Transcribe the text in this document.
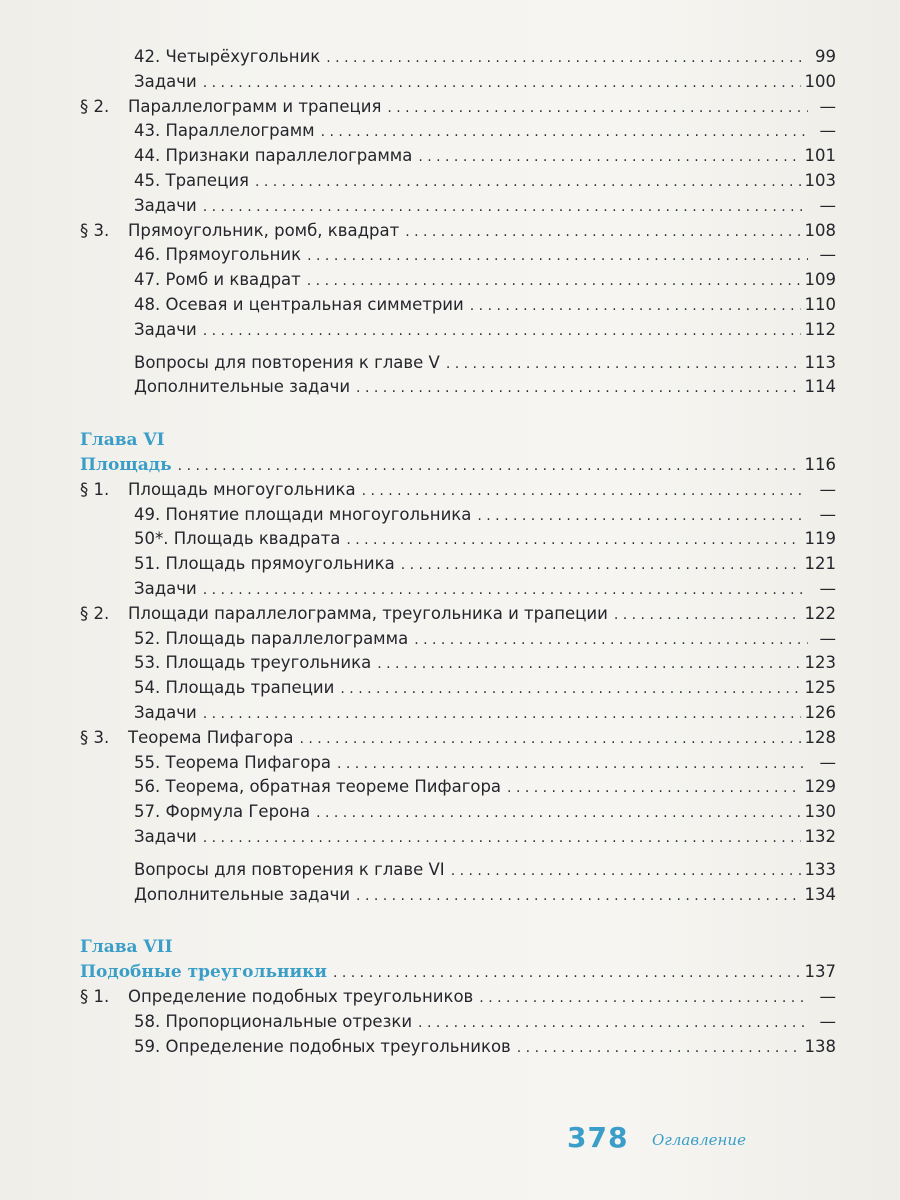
42. Четырёхугольник . . .	99
Задачи . . .	100
§ 2. Параллелограмм и трапеция . . .	—
43. Параллелограмм . . .	—
44. Признаки параллелограмма . . .	101
45. Трапеция . . .	103
Задачи . . .	—
§ 3. Прямоугольник, ромб, квадрат . . .	108
46. Прямоугольник . . .	—
47. Ромб и квадрат . . .	109
48. Осевая и центральная симметрии . . .	110
Задачи . . .	112
Вопросы для повторения к главе V . . .	113
Дополнительные задачи . . .	114
Глава VI
Площадь . . .	116
§ 1. Площадь многоугольника . . .	—
49. Понятие площади многоугольника . . .	—
50*. Площадь квадрата . . .	119
51. Площадь прямоугольника . . .	121
Задачи . . .	—
§ 2. Площади параллелограмма, треугольника и трапеции . . .	122
52. Площадь параллелограмма . . .	—
53. Площадь треугольника . . .	123
54. Площадь трапеции . . .	125
Задачи . . .	126
§ 3. Теорема Пифагора . . .	128
55. Теорема Пифагора . . .	—
56. Теорема, обратная теореме Пифагора . . .	129
57. Формула Герона . . .	130
Задачи . . .	132
Вопросы для повторения к главе VI . . .	133
Дополнительные задачи . . .	134
Глава VII
Подобные треугольники . . .	137
§ 1. Определение подобных треугольников . . .	—
58. Пропорциональные отрезки . . .	—
59. Определение подобных треугольников . . .	138
378 Оглавление
